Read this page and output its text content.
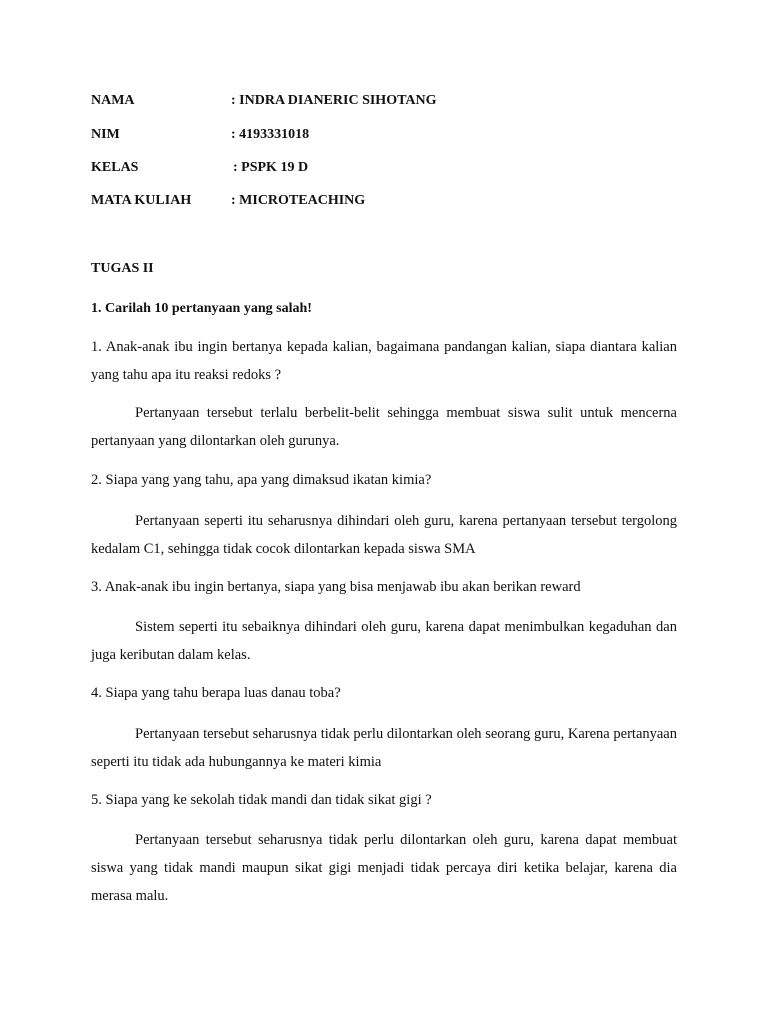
NAMA	: INDRA DIANERIC SIHOTANG
NIM	: 4193331018
KELAS	: PSPK 19 D
MATA KULIAH	: MICROTEACHING
TUGAS II
1. Carilah 10 pertanyaan yang salah!
1. Anak-anak ibu ingin bertanya kepada kalian, bagaimana pandangan kalian, siapa diantara kalian yang tahu apa itu reaksi redoks ?
Pertanyaan tersebut terlalu berbelit-belit sehingga membuat siswa sulit untuk mencerna pertanyaan yang dilontarkan oleh gurunya.
2. Siapa yang yang tahu, apa yang dimaksud ikatan kimia?
Pertanyaan seperti itu seharusnya dihindari oleh guru, karena pertanyaan tersebut tergolong kedalam C1, sehingga tidak cocok dilontarkan kepada siswa SMA
3. Anak-anak ibu ingin bertanya, siapa yang bisa menjawab ibu akan berikan reward
Sistem seperti itu sebaiknya dihindari oleh guru, karena dapat menimbulkan kegaduhan dan juga keributan dalam kelas.
4. Siapa yang tahu berapa luas danau toba?
Pertanyaan tersebut seharusnya tidak perlu dilontarkan oleh seorang guru, Karena pertanyaan seperti itu tidak ada hubungannya ke materi kimia
5. Siapa yang ke sekolah tidak mandi dan tidak sikat gigi ?
Pertanyaan tersebut seharusnya tidak perlu dilontarkan oleh guru, karena dapat membuat siswa yang tidak mandi maupun sikat gigi menjadi tidak percaya diri ketika belajar, karena dia merasa malu.
